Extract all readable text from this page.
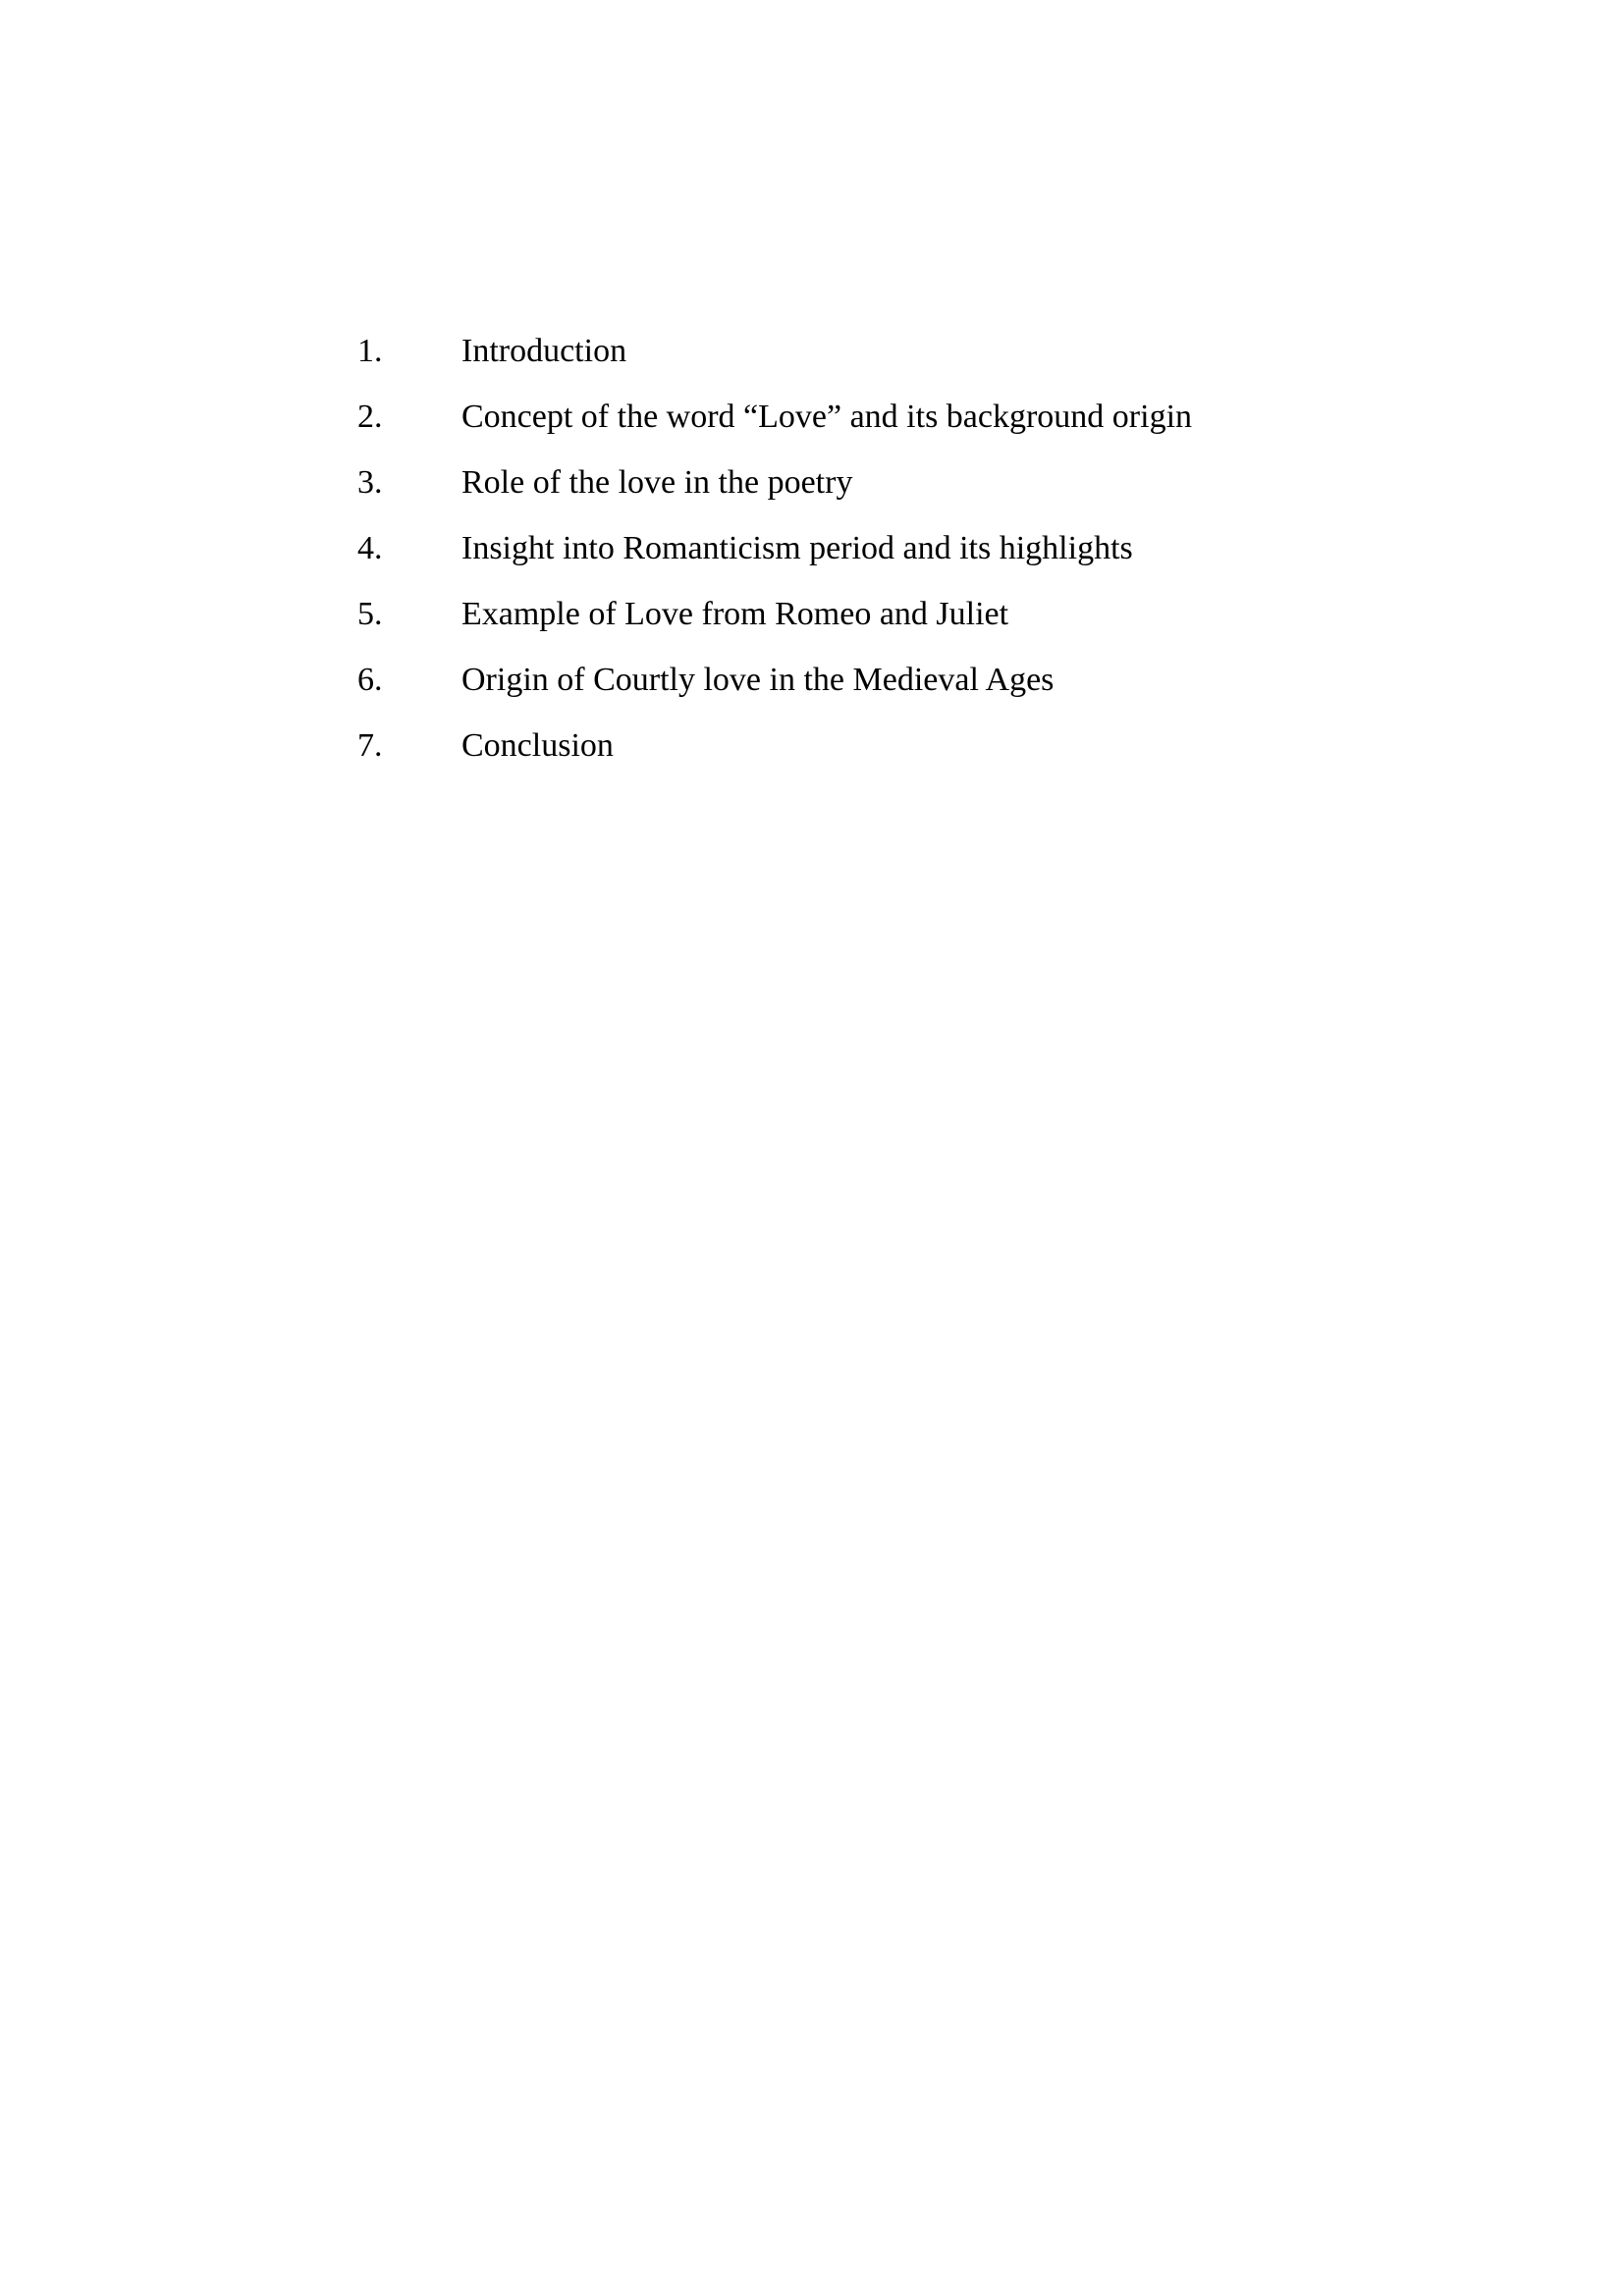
1.	Introduction
2.	Concept of the word “Love” and its background origin
3.	Role of the love in the poetry
4.	Insight into Romanticism period and its highlights
5.	Example of Love from Romeo and Juliet
6.	Origin of Courtly love in the Medieval Ages
7.	Conclusion
